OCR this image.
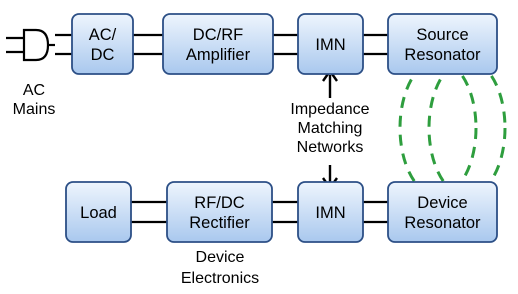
AC/
DC
DC/RF
Amplifier
IMN
Source
Resonator
Load
RF/DC
Rectifier
IMN
Device
Resonator
AC
Mains	Impedance
Matching
Networks
Device
Electronics
